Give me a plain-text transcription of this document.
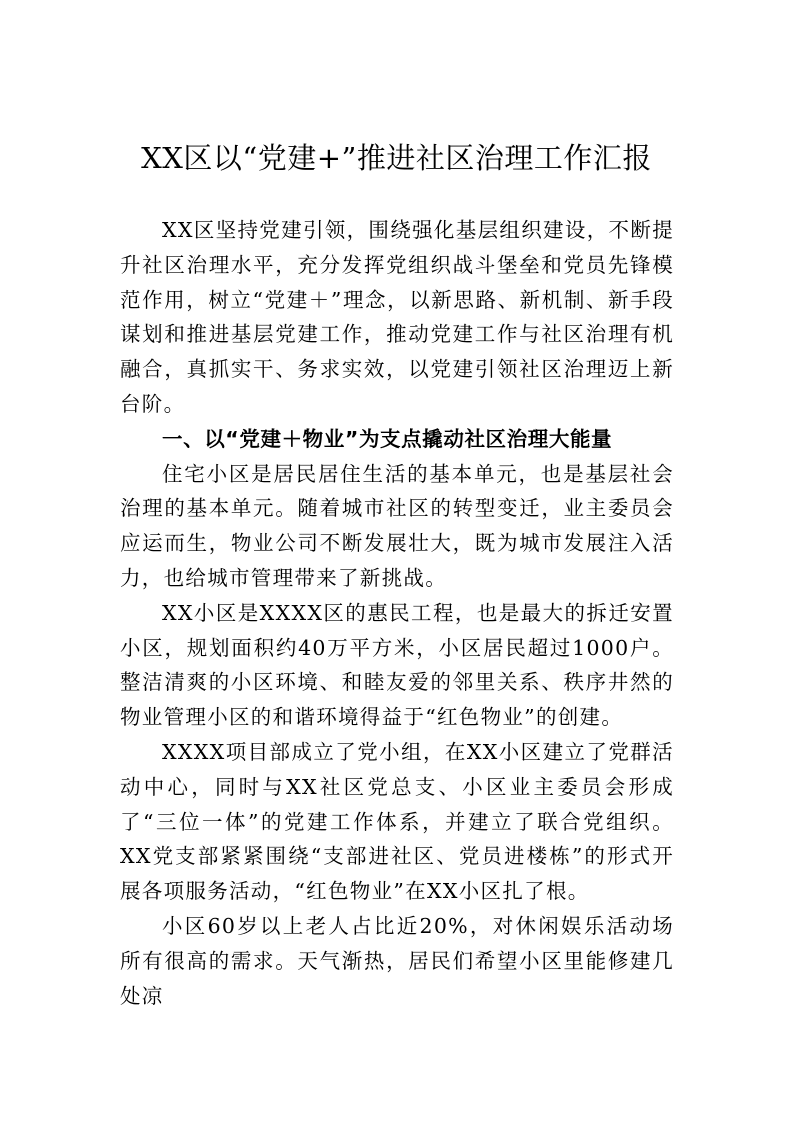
XX区以“党建+”推进社区治理工作汇报

XX区坚持党建引领，围绕强化基层组织建设，不断提升社区治理水平，充分发挥党组织战斗堡垒和党员先锋模范作用，树立“党建＋”理念，以新思路、新机制、新手段谋划和推进基层党建工作，推动党建工作与社区治理有机融合，真抓实干、务求实效，以党建引领社区治理迈上新台阶。

一、以“党建＋物业”为支点撬动社区治理大能量

住宅小区是居民居住生活的基本单元，也是基层社会治理的基本单元。随着城市社区的转型变迁，业主委员会应运而生，物业公司不断发展壮大，既为城市发展注入活力，也给城市管理带来了新挑战。

XX小区是XXXX区的惠民工程，也是最大的拆迁安置小区，规划面积约40万平方米，小区居民超过1000户。整洁清爽的小区环境、和睦友爱的邻里关系、秩序井然的物业管理小区的和谐环境得益于“红色物业”的创建。

XXXX项目部成立了党小组，在XX小区建立了党群活动中心，同时与XX社区党总支、小区业主委员会形成了“三位一体”的党建工作体系，并建立了联合党组织。XX党支部紧紧围绕“支部进社区、党员进楼栋”的形式开展各项服务活动，“红色物业”在XX小区扎了根。

小区60岁以上老人占比近20%，对休闲娱乐活动场所有很高的需求。天气渐热，居民们希望小区里能修建几处凉
